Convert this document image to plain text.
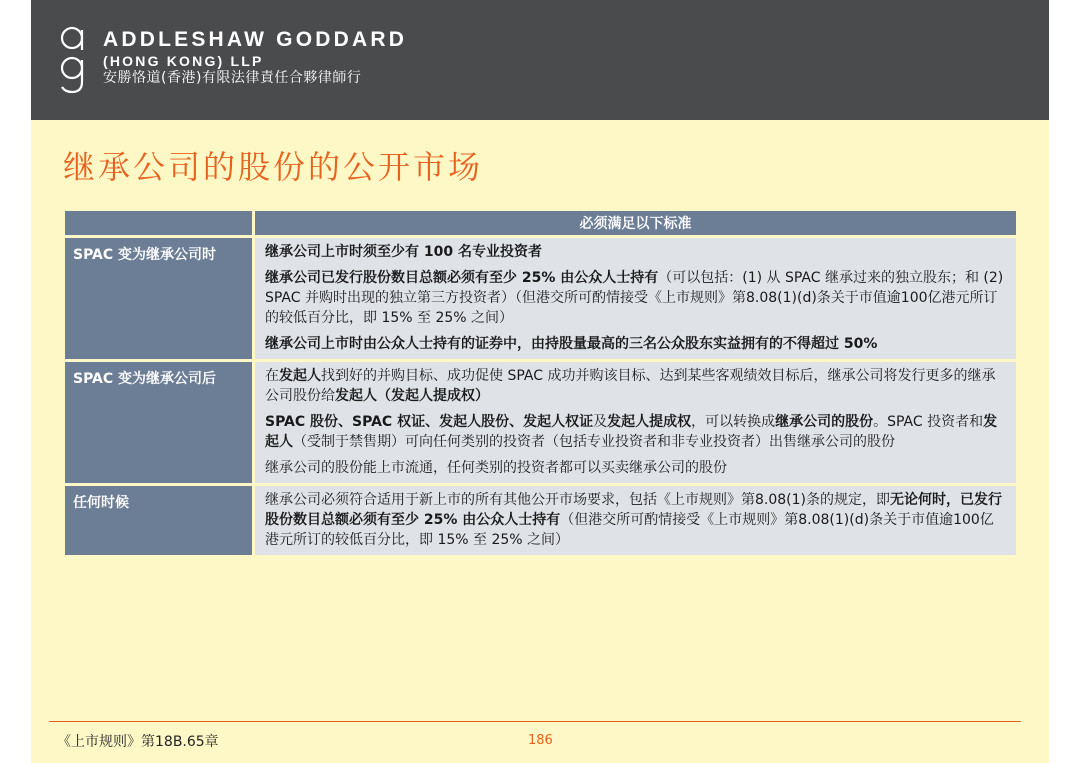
ADDLESHAW GODDARD
(HONG KONG) LLP
安勝恪道(香港)有限法律責任合夥律師行
继承公司的股份的公开市场
	必须满足以下标准
SPAC 变为继承公司时	继承公司上市时须至少有 100 名专业投资者

继承公司已发行股份数目总额必须有至少 25% 由公众人士持有（可以包括：(1) 从 SPAC 继承过来的独立股东；和 (2) SPAC 并购时出现的独立第三方投资者）（但港交所可酌情接受《上市规则》第8.08(1)(d)条关于市值逾100亿港元所订的较低百分比，即 15% 至 25% 之间）

继承公司上市时由公众人士持有的证券中，由持股量最高的三名公众股东实益拥有的不得超过 50%

SPAC 变为继承公司后	在发起人找到好的并购目标、成功促使 SPAC 成功并购该目标、达到某些客观绩效目标后，继承公司将发行更多的继承公司股份给发起人（发起人提成权）

SPAC 股份、SPAC 权证、发起人股份、发起人权证及发起人提成权，可以转换成继承公司的股份。SPAC 投资者和发起人（受制于禁售期）可向任何类别的投资者（包括专业投资者和非专业投资者）出售继承公司的股份

继承公司的股份能上市流通，任何类别的投资者都可以买卖继承公司的股份

任何时候	继承公司必须符合适用于新上市的所有其他公开市场要求，包括《上市规则》第8.08(1)条的规定，即无论何时，已发行股份数目总额必须有至少 25% 由公众人士持有（但港交所可酌情接受《上市规则》第8.08(1)(d)条关于市值逾100亿港元所订的较低百分比，即 15% 至 25% 之间）

《上市规则》第18B.65章	186
